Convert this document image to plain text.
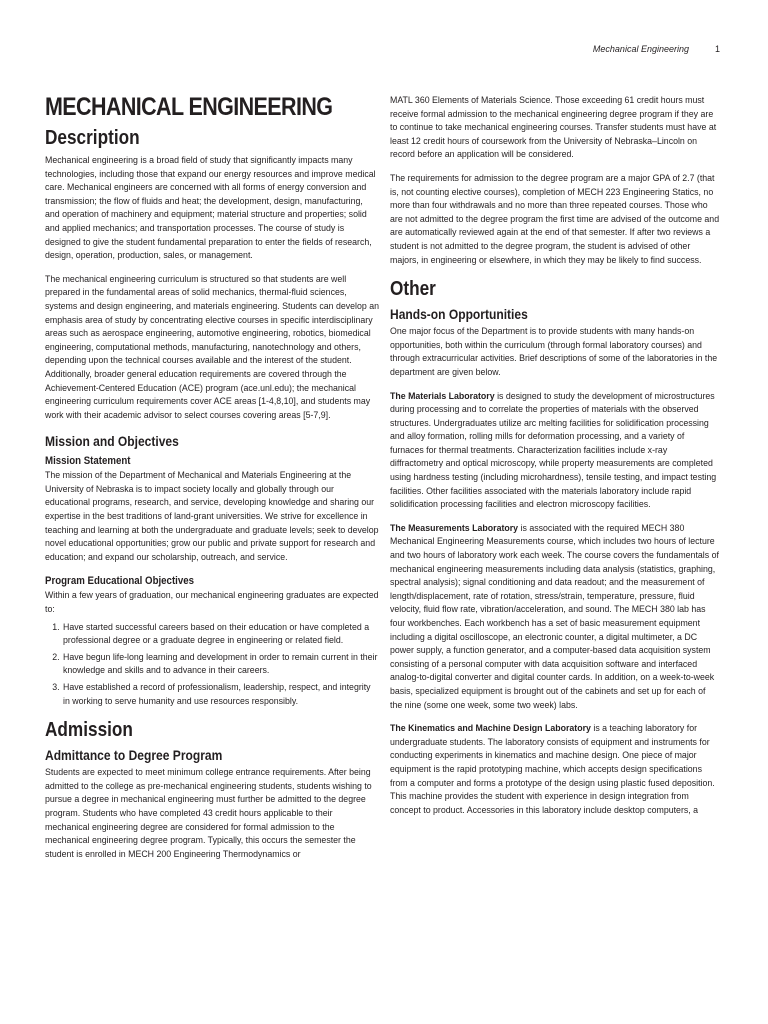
Mechanical Engineering	1
MECHANICAL ENGINEERING
Description

Mechanical engineering is a broad field of study that significantly impacts many technologies, including those that expand our energy resources and improve medical care. Mechanical engineers are concerned with all forms of energy conversion and transmission; the flow of fluids and heat; the development, design, manufacturing, and operation of machinery and equipment; material structure and properties; solid and applied mechanics; and transportation processes. The course of study is designed to give the student fundamental preparation to enter the fields of research, design, operation, production, sales, or management.

The mechanical engineering curriculum is structured so that students are well prepared in the fundamental areas of solid mechanics, thermal-fluid sciences, systems and design engineering, and materials engineering. Students can develop an emphasis area of study by concentrating elective courses in specific interdisciplinary areas such as aerospace engineering, automotive engineering, robotics, biomedical engineering, computational methods, manufacturing, nanotechnology and others, depending upon the technical courses available and the interest of the student. Additionally, broader general education requirements are covered through the Achievement-Centered Education (ACE) program (ace.unl.edu); the mechanical engineering curriculum requirements cover ACE areas [1-4,8,10], and students may work with their academic advisor to select courses covering areas [5-7,9].

Mission and Objectives
Mission Statement

The mission of the Department of Mechanical and Materials Engineering at the University of Nebraska is to impact society locally and globally through our educational programs, research, and service, developing knowledge and sharing our expertise in the best traditions of land-grant universities. We strive for excellence in teaching and learning at both the undergraduate and graduate levels; seek to develop novel educational opportunities; grow our public and private support for research and education; and expand our scholarship, outreach, and service.

Program Educational Objectives

Within a few years of graduation, our mechanical engineering graduates are expected to:

1. Have started successful careers based on their education or have completed a professional degree or a graduate degree in engineering or related field.
2. Have begun life-long learning and development in order to remain current in their knowledge and skills and to advance in their careers.
3. Have established a record of professionalism, leadership, respect, and integrity in working to serve humanity and use resources responsibly.
Admission
Admittance to Degree Program

Students are expected to meet minimum college entrance requirements. After being admitted to the college as pre-mechanical engineering students, students wishing to pursue a degree in mechanical engineering must further be admitted to the degree program. Students who have completed 43 credit hours applicable to their mechanical engineering degree are considered for formal admission to the mechanical engineering degree program. Typically, this occurs the semester the student is enrolled in MECH 200 Engineering Thermodynamics or

MATL 360 Elements of Materials Science. Those exceeding 61 credit hours must receive formal admission to the mechanical engineering degree program if they are to continue to take mechanical engineering courses. Transfer students must have at least 12 credit hours of coursework from the University of Nebraska–Lincoln on record before an application will be considered.

The requirements for admission to the degree program are a major GPA of 2.7 (that is, not counting elective courses), completion of MECH 223 Engineering Statics, no more than four withdrawals and no more than three repeated courses. Those who are not admitted to the degree program the first time are advised of the outcome and are automatically reviewed again at the end of that semester. If after two reviews a student is not admitted to the degree program, the student is advised of other majors, in engineering or elsewhere, in which they may be likely to find success.

Other
Hands-on Opportunities

One major focus of the Department is to provide students with many hands-on opportunities, both within the curriculum (through formal laboratory courses) and through extracurricular activities. Brief descriptions of some of the laboratories in the department are given below.

The Materials Laboratory is designed to study the development of microstructures during processing and to correlate the properties of materials with the observed structures. Undergraduates utilize arc melting facilities for solidification processing and alloy formation, rolling mills for deformation processing, and a variety of furnaces for thermal treatments. Characterization facilities include x-ray diffractometry and optical microscopy, while property measurements are completed using hardness testing (including microhardness), tensile testing, and impact testing facilities. Other facilities associated with the materials laboratory include rapid solidification processing facilities and electron microscopy facilities.

The Measurements Laboratory is associated with the required MECH 380 Mechanical Engineering Measurements course, which includes two hours of lecture and two hours of laboratory work each week. The course covers the fundamentals of mechanical engineering measurements including data analysis (statistics, graphing, spectral analysis); signal conditioning and data readout; and the measurement of length/displacement, rate of rotation, stress/strain, temperature, pressure, fluid velocity, fluid flow rate, vibration/acceleration, and sound. The MECH 380 lab has four workbenches. Each workbench has a set of basic measurement equipment including a digital oscilloscope, an electronic counter, a digital multimeter, a DC power supply, a function generator, and a computer-based data acquisition system consisting of a personal computer with data acquisition software and interfaced analog-to-digital converter and digital counter cards. In addition, on a week-to-week basis, specialized equipment is brought out of the cabinets and set up for each of the nine (some one week, some two week) labs.

The Kinematics and Machine Design Laboratory is a teaching laboratory for undergraduate students. The laboratory consists of equipment and instruments for conducting experiments in kinematics and machine design. One piece of major equipment is the rapid prototyping machine, which accepts design specifications from a computer and forms a prototype of the design using plastic fused deposition. This machine provides the student with experience in design integration from concept to product. Accessories in this laboratory include desktop computers, a
